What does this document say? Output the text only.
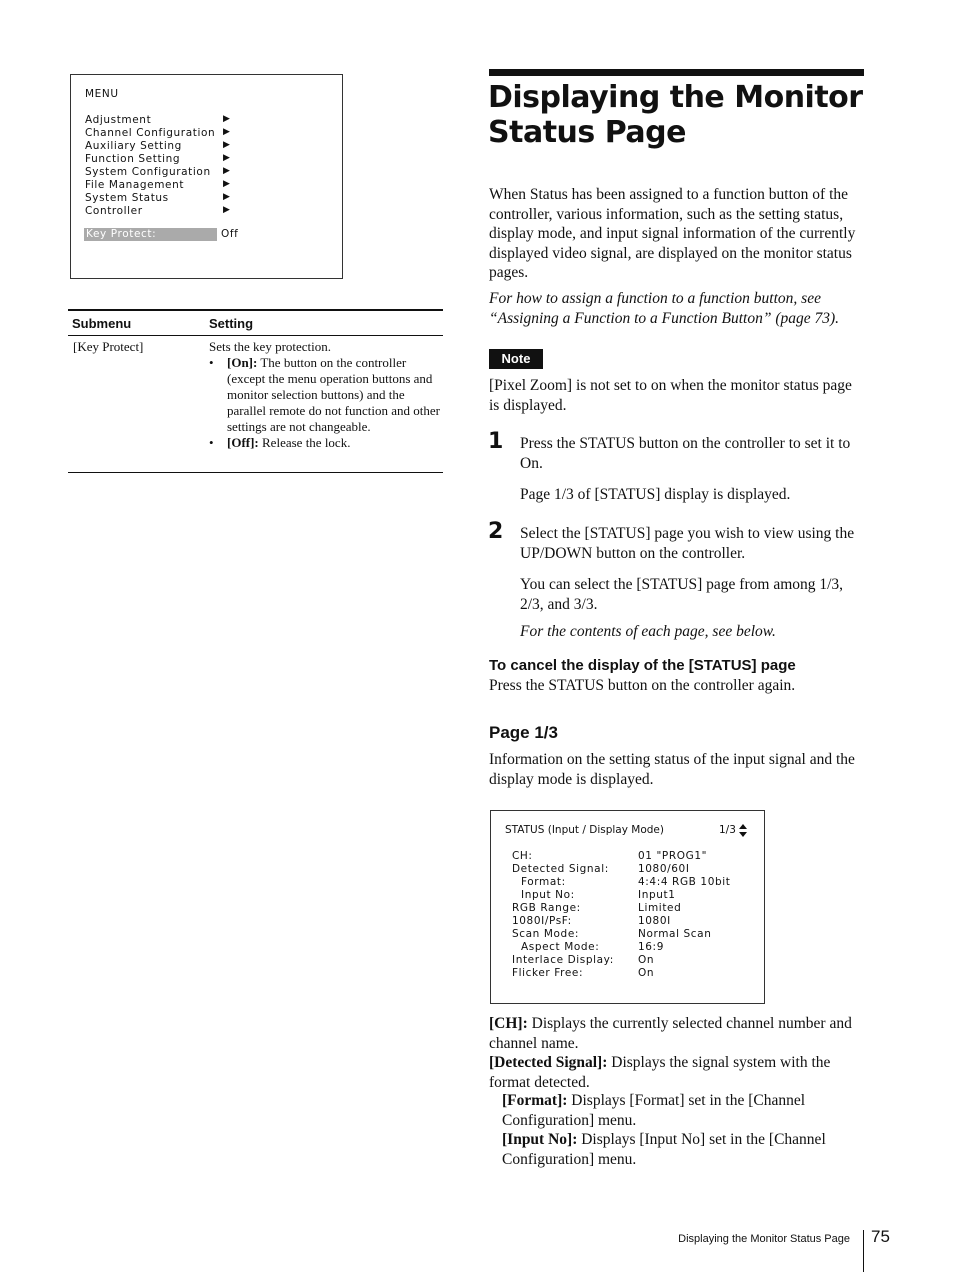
MENU
Adjustment	▶
Channel Configuration ▶
Auxiliary Setting	▶
Function Setting	▶
System Configuration ▶
File Management	▶
System Status	▶
Controller	▶
Key Protect:	Off
Submenu	Setting
[Key Protect]	Sets the key protection.
• [On]: The button on the controller (except the menu operation buttons and monitor selection buttons) and the parallel remote do not function and other settings are not changeable.
• [Off]: Release the lock.
Displaying the Monitor
Status Page
When Status has been assigned to a function button of the controller, various information, such as the setting status, display mode, and input signal information of the currently displayed video signal, are displayed on the monitor status pages.
For how to assign a function to a function button, see “Assigning a Function to a Function Button” (page 73).
Note
[Pixel Zoom] is not set to on when the monitor status page is displayed.
1 Press the STATUS button on the controller to set it to On.
Page 1/3 of [STATUS] display is displayed.
2 Select the [STATUS] page you wish to view using the UP/DOWN button on the controller.
You can select the [STATUS] page from among 1/3, 2/3, and 3/3.
For the contents of each page, see below.
To cancel the display of the [STATUS] page
Press the STATUS button on the controller again.
Page 1/3
Information on the setting status of the input signal and the display mode is displayed.
STATUS (Input / Display Mode)	1/3
CH:	01 "PROG1"
Detected Signal:	1080/60I
Format:	4:4:4 RGB 10bit
Input No:	Input1
RGB Range:	Limited
1080I/PsF:	1080I
Scan Mode:	Normal Scan
Aspect Mode:	16:9
Interlace Display: On
Flicker Free:	On
[CH]: Displays the currently selected channel number and channel name.
[Detected Signal]: Displays the signal system with the format detected.
[Format]: Displays [Format] set in the [Channel Configuration] menu.
[Input No]: Displays [Input No] set in the [Channel Configuration] menu.
Displaying the Monitor Status Page 75
